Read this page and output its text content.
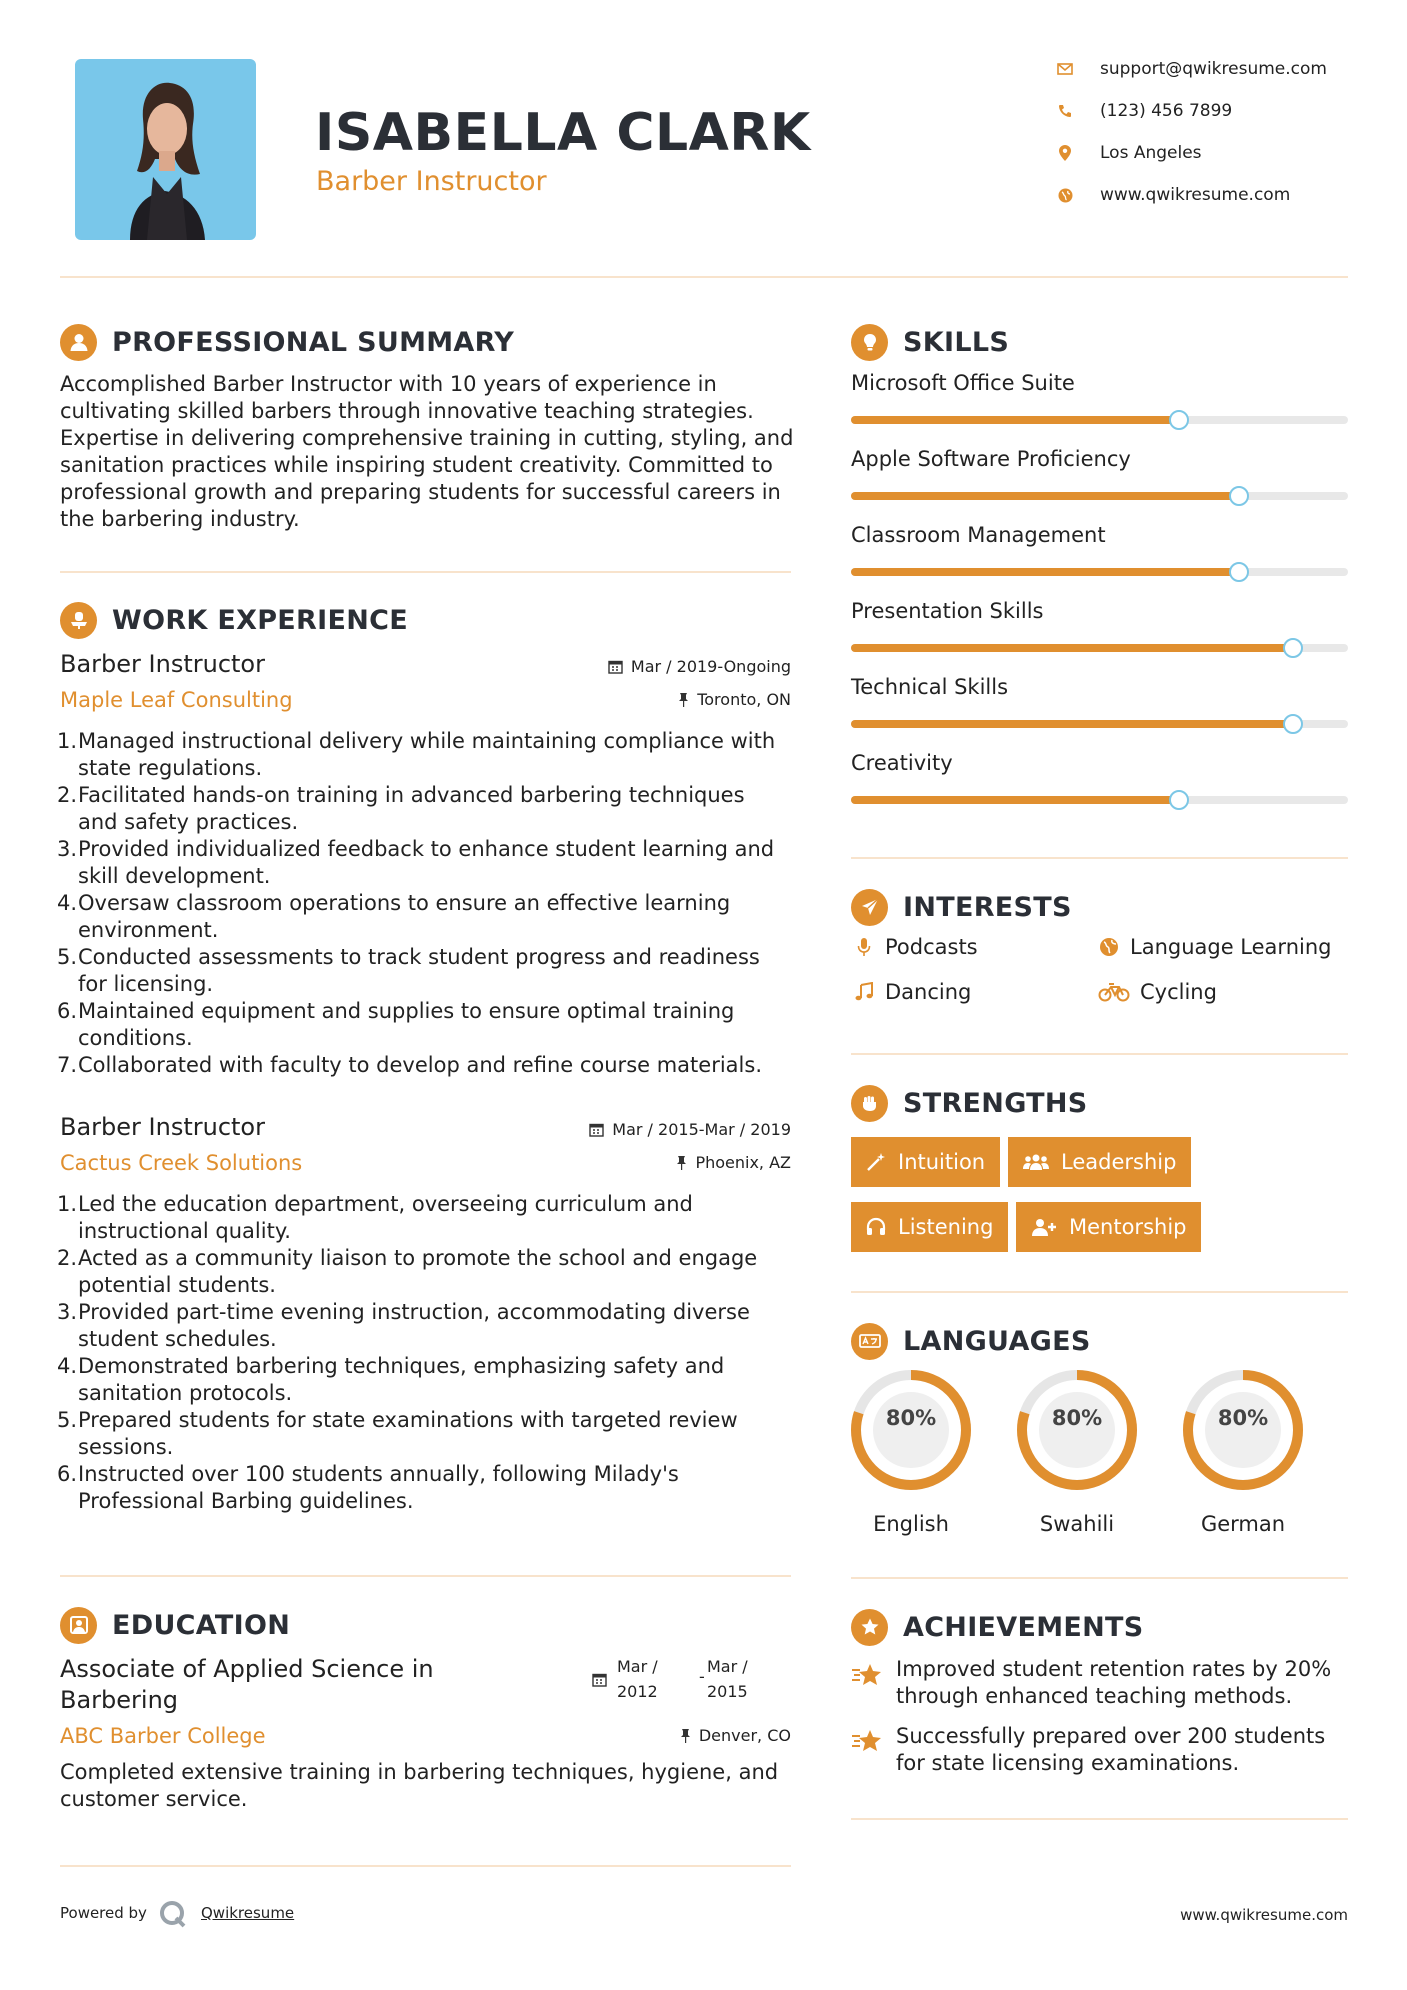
ISABELLA CLARK
Barber Instructor
support@qwikresume.com
(123) 456 7899
Los Angeles
www.qwikresume.com
PROFESSIONAL SUMMARY
Accomplished Barber Instructor with 10 years of experience in
cultivating skilled barbers through innovative teaching strategies.
Expertise in delivering comprehensive training in cutting, styling, and
sanitation practices while inspiring student creativity. Committed to
professional growth and preparing students for successful careers in
the barbering industry.
WORK EXPERIENCE
Barber Instructor
Maple Leaf Consulting
Mar / 2019-Ongoing
Toronto, ON
1. Managed instructional delivery while maintaining compliance with
state regulations.
2. Facilitated hands-on training in advanced barbering techniques
and safety practices.
3. Provided individualized feedback to enhance student learning and
skill development.
4. Oversaw classroom operations to ensure an effective learning
environment.
5. Conducted assessments to track student progress and readiness
for licensing.
6. Maintained equipment and supplies to ensure optimal training
conditions.
7. Collaborated with faculty to develop and refine course materials.
Barber Instructor
Cactus Creek Solutions
Mar / 2015-Mar / 2019
Phoenix, AZ
1. Led the education department, overseeing curriculum and
instructional quality.
2. Acted as a community liaison to promote the school and engage
potential students.
3. Provided part-time evening instruction, accommodating diverse
student schedules.
4. Demonstrated barbering techniques, emphasizing safety and
sanitation protocols.
5. Prepared students for state examinations with targeted review
sessions.
6. Instructed over 100 students annually, following Milady's
Professional Barbing guidelines.
EDUCATION
Associate of Applied Science in
Barbering
ABC Barber College
Mar /
2012
-
Mar /
2015
Denver, CO
Completed extensive training in barbering techniques, hygiene, and
customer service.
SKILLS
Microsoft Office Suite
Apple Software Proficiency
Classroom Management
Presentation Skills
Technical Skills
Creativity
INTERESTS
Podcasts	Language Learning
Dancing	Cycling
STRENGTHS
Intuition	Leadership
Listening	Mentorship
LANGUAGES
80%
English
80%
Swahili
80%
German
ACHIEVEMENTS
Improved student retention rates by 20%
through enhanced teaching methods.
Successfully prepared over 200 students
for state licensing examinations.
Powered by	Qwikresume	www.qwikresume.com
